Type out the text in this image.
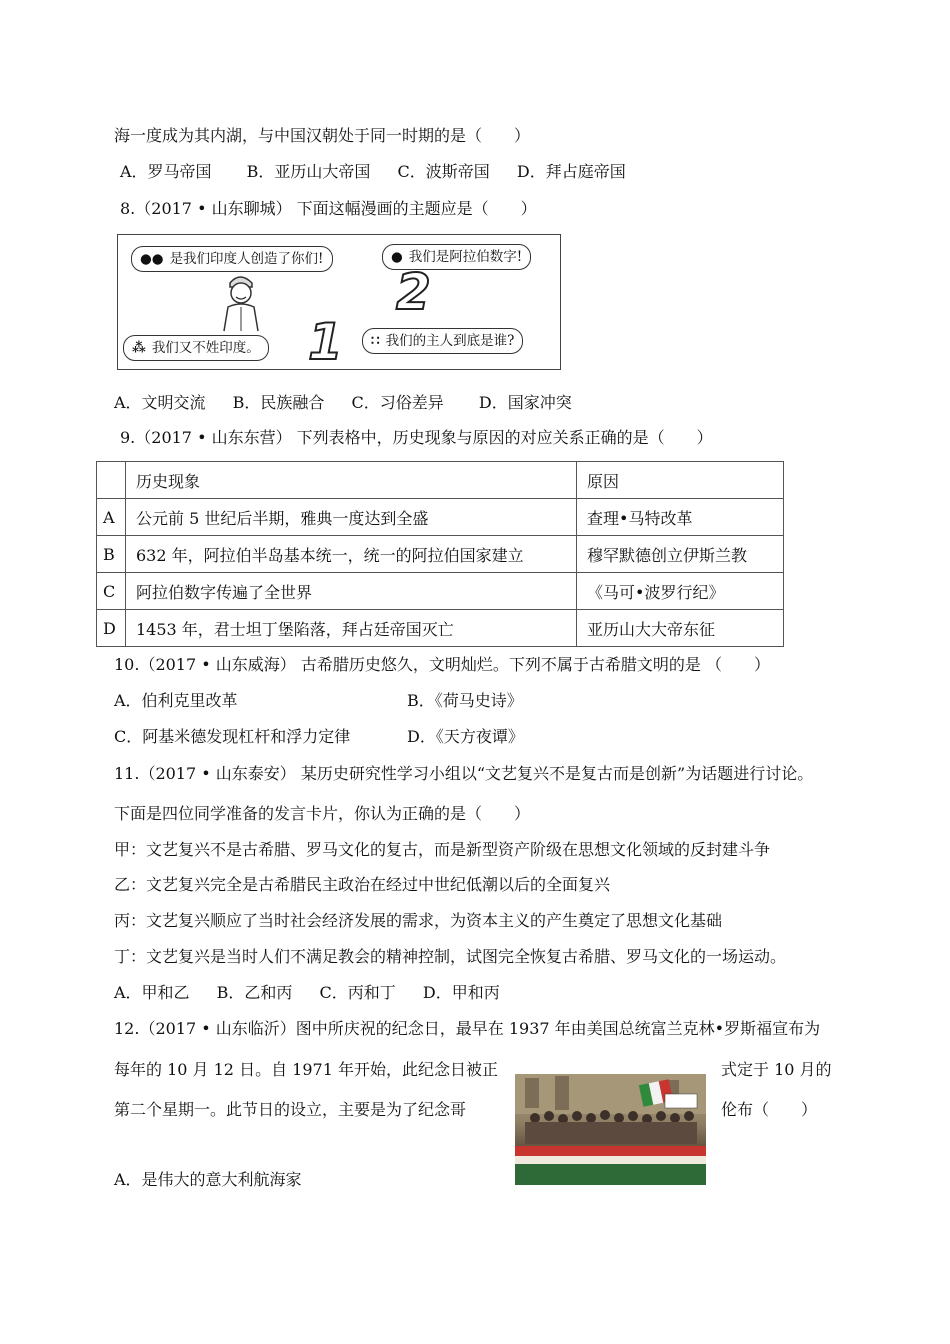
海一度成为其内湖，与中国汉朝处于同一时期的是（　　）
A．罗马帝国 B．亚历山大帝国 C．波斯帝国 D．拜占庭帝国
8.（2017 • 山东聊城） 下面这幅漫画的主题应是（　　）
●● 是我们印度人创造了你们!	● 我们是阿拉伯数字!
⁂ 我们又不姓印度。	∷ 我们的主人到底是谁?
2
1
A．文明交流 B．民族融合 C．习俗差异 D．国家冲突
9.（2017 • 山东东营） 下列表格中，历史现象与原因的对应关系正确的是（　　）
	历史现象	原因
A	公元前 5 世纪后半期，雅典一度达到全盛	查理•马特改革
B	632 年，阿拉伯半岛基本统一，统一的阿拉伯国家建立	穆罕默德创立伊斯兰教
C	阿拉伯数字传遍了全世界	《马可•波罗行纪》
D	1453 年，君士坦丁堡陷落，拜占廷帝国灭亡	亚历山大大帝东征
10.（2017 • 山东威海） 古希腊历史悠久，文明灿烂。下列不属于古希腊文明的是 （　　）
A．伯利克里改革	B．《荷马史诗》
C．阿基米德发现杠杆和浮力定律	D．《天方夜谭》
11.（2017 • 山东泰安） 某历史研究性学习小组以“文艺复兴不是复古而是创新”为话题进行讨论。
下面是四位同学准备的发言卡片，你认为正确的是（　　）
甲：文艺复兴不是古希腊、罗马文化的复古，而是新型资产阶级在思想文化领域的反封建斗争
乙：文艺复兴完全是古希腊民主政治在经过中世纪低潮以后的全面复兴
丙：文艺复兴顺应了当时社会经济发展的需求，为资本主义的产生奠定了思想文化基础
丁：文艺复兴是当时人们不满足教会的精神控制，试图完全恢复古希腊、罗马文化的一场运动。
A．甲和乙 B．乙和丙 C．丙和丁 D．甲和丙
12.（2017 • 山东临沂）图中所庆祝的纪念日，最早在 1937 年由美国总统富兰克林•罗斯福宣布为
每年的 10 月 12 日。自 1971 年开始，此纪念日被正	式定于 10 月的
第二个星期一。此节日的设立，主要是为了纪念哥	伦布（　　）
A．是伟大的意大利航海家
